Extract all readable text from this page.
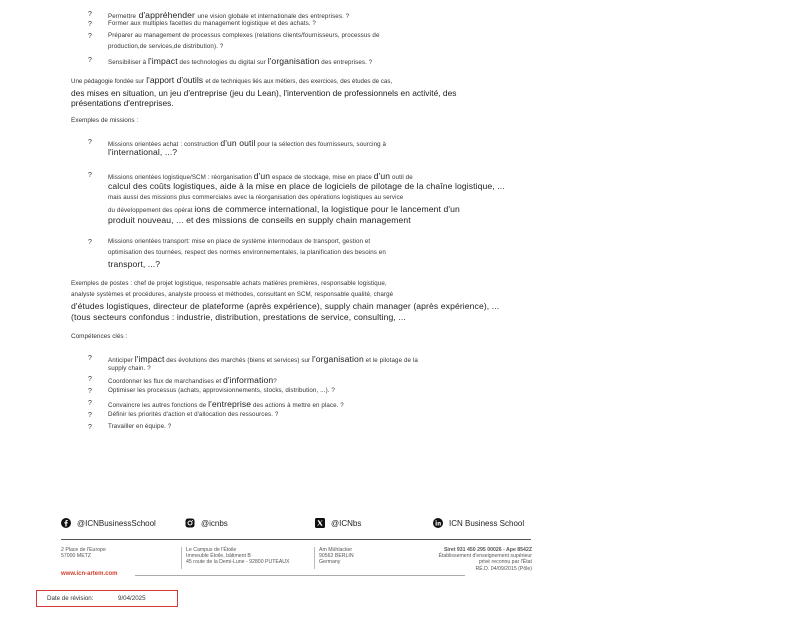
?	Permettre d'appréhender une vision globale et internationale des entreprises. ?
?	Former aux multiples facettes du management logistique et des achats. ?
?	Préparer au management de processus complexes (relations clients/fournisseurs, processus de
production,de services,de distribution). ?
?	Sensibiliser à l'impact des technologies du digital sur l'organisation des entreprises. ?
Une pédagogie fondée sur l'apport d'outils et de techniques liés aux métiers, des exercices, des études de cas,
des mises en situation, un jeu d'entreprise (jeu du Lean), l'intervention de professionnels en activité, des
présentations d'entreprises.
Exemples de missions :
?	Missions orientées achat : construction d'un outil pour la sélection des fournisseurs, sourcing à
l'international, ...?
?	Missions orientées logistique/SCM : réorganisation d'un espace de stockage, mise en place d'un outil de
calcul des coûts logistiques, aide à la mise en place de logiciels de pilotage de la chaîne logistique, ...
mais aussi des missions plus commerciales avec la réorganisation des opérations logistiques au service
du développement des opérat ions de commerce international, la logistique pour le lancement d'un
produit nouveau, ... et des missions de conseils en supply chain management
?	Missions orientées transport: mise en place de système intermodaux de transport, gestion et
optimisation des tournées, respect des normes environnementales, la planification des besoins en
transport, ...?
Exemples de postes : chef de projet logistique, responsable achats matières premières, responsable logistique,
analyste systèmes et procédures, analyste process et méthodes, consultant en SCM, responsable qualité, chargé
d'études logistiques, directeur de plateforme (après expérience), supply chain manager (après expérience), ...
(tous secteurs confondus : industrie, distribution, prestations de service, consulting, ...
Compétences clés :
?	Anticiper l'impact des évolutions des marchés (biens et services) sur l'organisation et le pilotage de la
supply chain. ?
?	Coordonner les flux de marchandises et d'information?
?	Optimiser les processus (achats, approvisionnements, stocks, distribution, ...). ?
?	Convaincre les autres fonctions de l'entreprise des actions à mettre en place. ?
?	Définir les priorités d'action et d'allocation des ressources. ?
?	Travailler en équipe. ?
@ICNBusinessSchool	@icnbs	@ICNbs	ICN Business School
2 Place de l'Europe
57000 METZ
Le Campus de l'Étoile
Immeuble Étoile, bâtiment B
45 route de la Demi-Lune - 92800 PUTEAUX
Am Mühlacker
90562 BERLIN
Germany
Siret 931 450 295 00026 - Ape 8542Z
Établissement d'enseignement supérieur
privé reconnu par l'État
RÉ.D. 04/09/2015 (Pôle)
www.icn-artem.com
Date de révision:	9/04/2025
